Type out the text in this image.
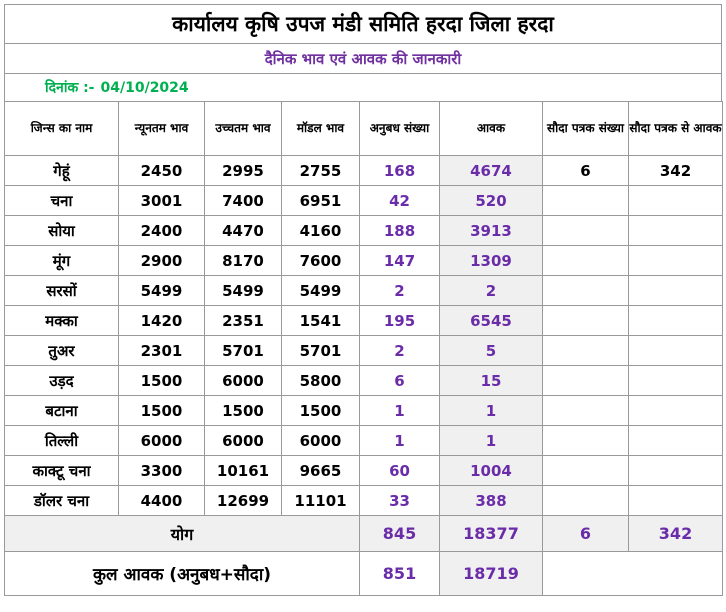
कार्यालय कृषि उपज मंडी समिति हरदा जिला हरदा
दैनिक भाव एवं आवक की जानकारी
दिनांक :- 04/10/2024
जिन्स का नाम	न्यूनतम भाव	उच्चतम भाव	मॉडल भाव	अनुबध संख्या	आवक	सौदा पत्रक संख्या	सौदा पत्रक से आवक
गेहूं	2450	2995	2755	168	4674	6	342
चना	3001	7400	6951	42	520		
सोया	2400	4470	4160	188	3913		
मूंग	2900	8170	7600	147	1309		
सरसों	5499	5499	5499	2	2		
मक्का	1420	2351	1541	195	6545		
तुअर	2301	5701	5701	2	5		
उड़द	1500	6000	5800	6	15		
बटाना	1500	1500	1500	1	1		
तिल्ली	6000	6000	6000	1	1		
काक्टू चना	3300	10161	9665	60	1004		
डॉलर चना	4400	12699	11101	33	388		
योग				845	18377	6	342
कुल आवक (अनुबध+सौदा)				851	18719		
